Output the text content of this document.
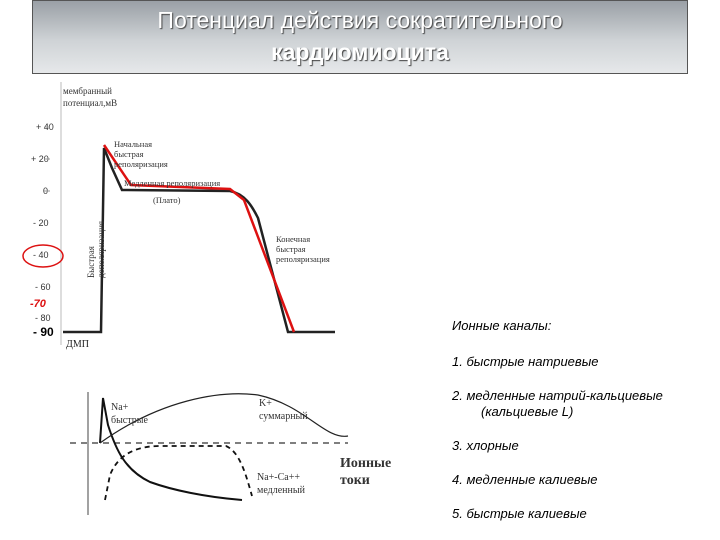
Потенциал действия сократительного
кардиомиоцита
мембранный
потенциал,мВ
+ 40
+ 20
0
- 20
- 40
- 60
- 80
- 90
-70
ДМП
Быстрая деполяризация
Начальная
быстрая
реполяризация
Медленная реполяризация
(Плато)
Конечная
быстрая
реполяризация
Na+
быстрые
K+
суммарный
Na+-Ca++
медленный
Ионные
токи
Ионные каналы:
1. быстрые натриевые
2. медленные натрий-кальциевые
(кальциевые L)
3. хлорные
4. медленные калиевые
5. быстрые калиевые
